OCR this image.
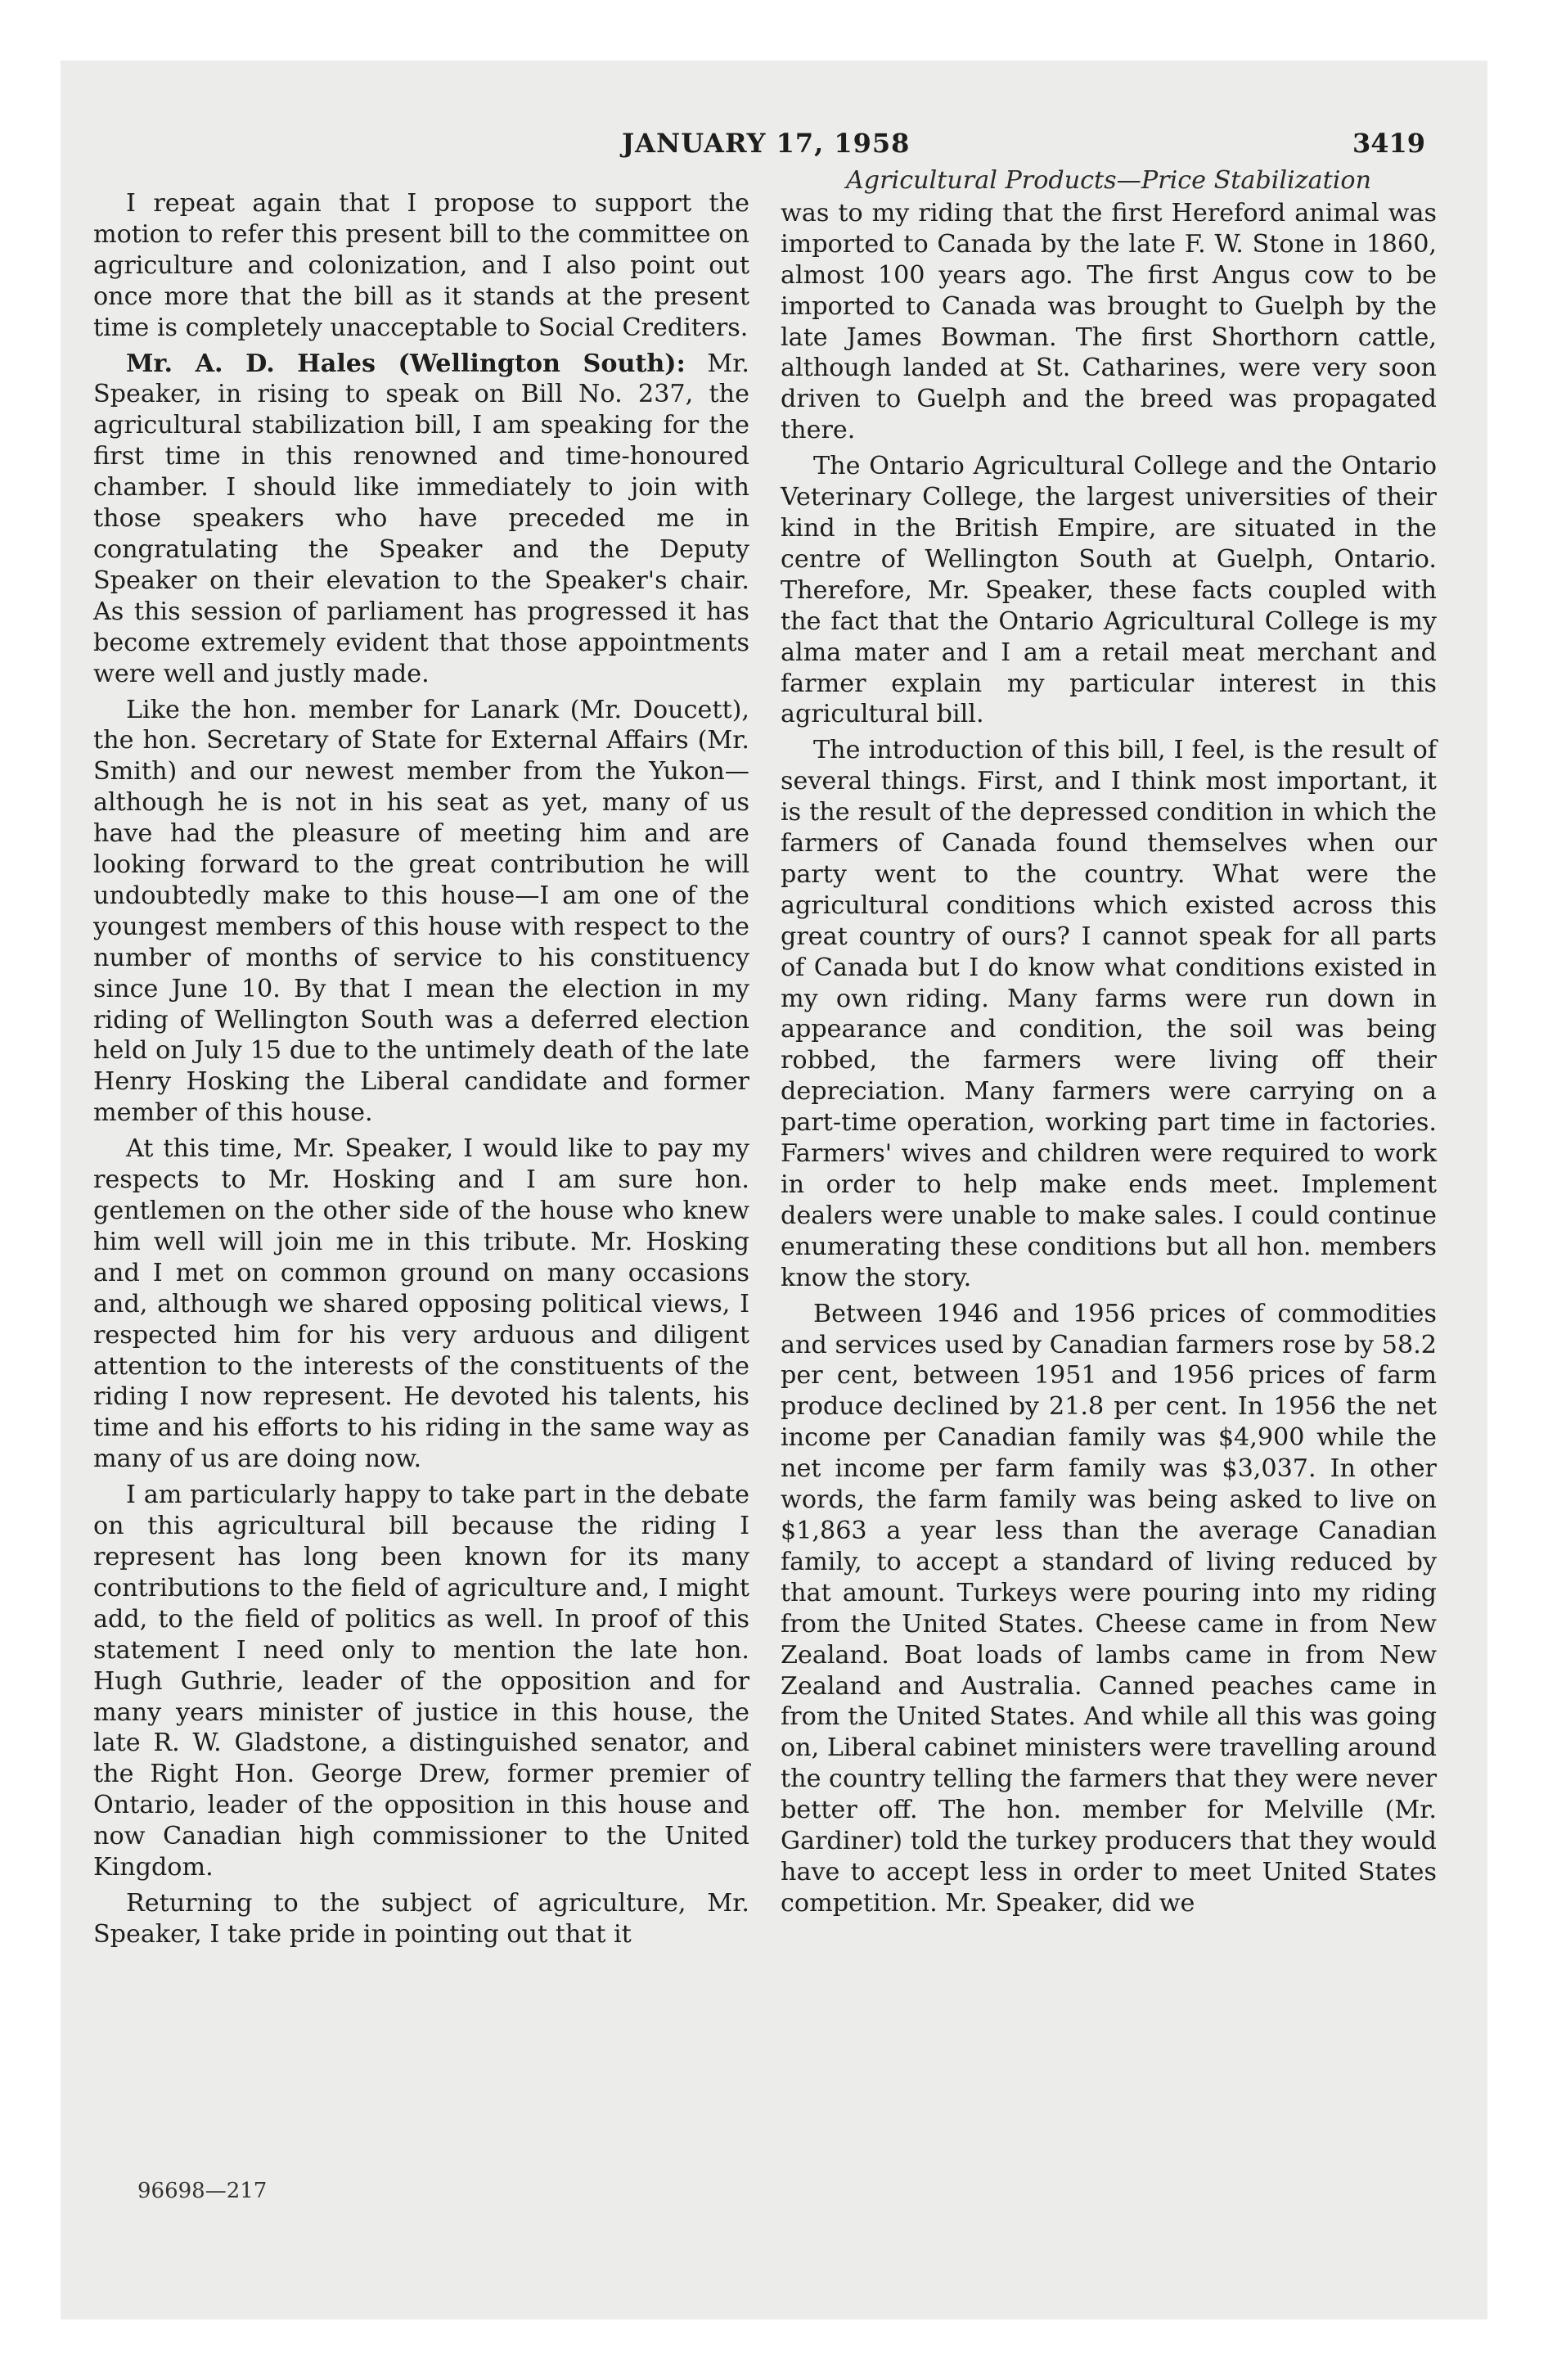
JANUARY 17, 1958	3419

I repeat again that I propose to support the motion to refer this present bill to the committee on agriculture and colonization, and I also point out once more that the bill as it stands at the present time is completely unacceptable to Social Crediters.

Mr. A. D. Hales (Wellington South): Mr. Speaker, in rising to speak on Bill No. 237, the agricultural stabilization bill, I am speaking for the first time in this renowned and time-honoured chamber. I should like immediately to join with those speakers who have preceded me in congratulating the Speaker and the Deputy Speaker on their elevation to the Speaker's chair. As this session of parliament has progressed it has become extremely evident that those appointments were well and justly made.

Like the hon. member for Lanark (Mr. Doucett), the hon. Secretary of State for External Affairs (Mr. Smith) and our newest member from the Yukon—although he is not in his seat as yet, many of us have had the pleasure of meeting him and are looking forward to the great contribution he will undoubtedly make to this house—I am one of the youngest members of this house with respect to the number of months of service to his constituency since June 10. By that I mean the election in my riding of Wellington South was a deferred election held on July 15 due to the untimely death of the late Henry Hosking the Liberal candidate and former member of this house.

At this time, Mr. Speaker, I would like to pay my respects to Mr. Hosking and I am sure hon. gentlemen on the other side of the house who knew him well will join me in this tribute. Mr. Hosking and I met on common ground on many occasions and, although we shared opposing political views, I respected him for his very arduous and diligent attention to the interests of the constituents of the riding I now represent. He devoted his talents, his time and his efforts to his riding in the same way as many of us are doing now.

I am particularly happy to take part in the debate on this agricultural bill because the riding I represent has long been known for its many contributions to the field of agriculture and, I might add, to the field of politics as well. In proof of this statement I need only to mention the late hon. Hugh Guthrie, leader of the opposition and for many years minister of justice in this house, the late R. W. Gladstone, a distinguished senator, and the Right Hon. George Drew, former premier of Ontario, leader of the opposition in this house and now Canadian high commissioner to the United Kingdom.

Returning to the subject of agriculture, Mr. Speaker, I take pride in pointing out that it

Agricultural Products—Price Stabilization

was to my riding that the first Hereford animal was imported to Canada by the late F. W. Stone in 1860, almost 100 years ago. The first Angus cow to be imported to Canada was brought to Guelph by the late James Bowman. The first Shorthorn cattle, although landed at St. Catharines, were very soon driven to Guelph and the breed was propagated there.

The Ontario Agricultural College and the Ontario Veterinary College, the largest universities of their kind in the British Empire, are situated in the centre of Wellington South at Guelph, Ontario. Therefore, Mr. Speaker, these facts coupled with the fact that the Ontario Agricultural College is my alma mater and I am a retail meat merchant and farmer explain my particular interest in this agricultural bill.

The introduction of this bill, I feel, is the result of several things. First, and I think most important, it is the result of the depressed condition in which the farmers of Canada found themselves when our party went to the country. What were the agricultural conditions which existed across this great country of ours? I cannot speak for all parts of Canada but I do know what conditions existed in my own riding. Many farms were run down in appearance and condition, the soil was being robbed, the farmers were living off their depreciation. Many farmers were carrying on a part-time operation, working part time in factories. Farmers' wives and children were required to work in order to help make ends meet. Implement dealers were unable to make sales. I could continue enumerating these conditions but all hon. members know the story.

Between 1946 and 1956 prices of commodities and services used by Canadian farmers rose by 58.2 per cent, between 1951 and 1956 prices of farm produce declined by 21.8 per cent. In 1956 the net income per Canadian family was $4,900 while the net income per farm family was $3,037. In other words, the farm family was being asked to live on $1,863 a year less than the average Canadian family, to accept a standard of living reduced by that amount. Turkeys were pouring into my riding from the United States. Cheese came in from New Zealand. Boat loads of lambs came in from New Zealand and Australia. Canned peaches came in from the United States. And while all this was going on, Liberal cabinet ministers were travelling around the country telling the farmers that they were never better off. The hon. member for Melville (Mr. Gardiner) told the turkey producers that they would have to accept less in order to meet United States competition. Mr. Speaker, did we

96698—217
